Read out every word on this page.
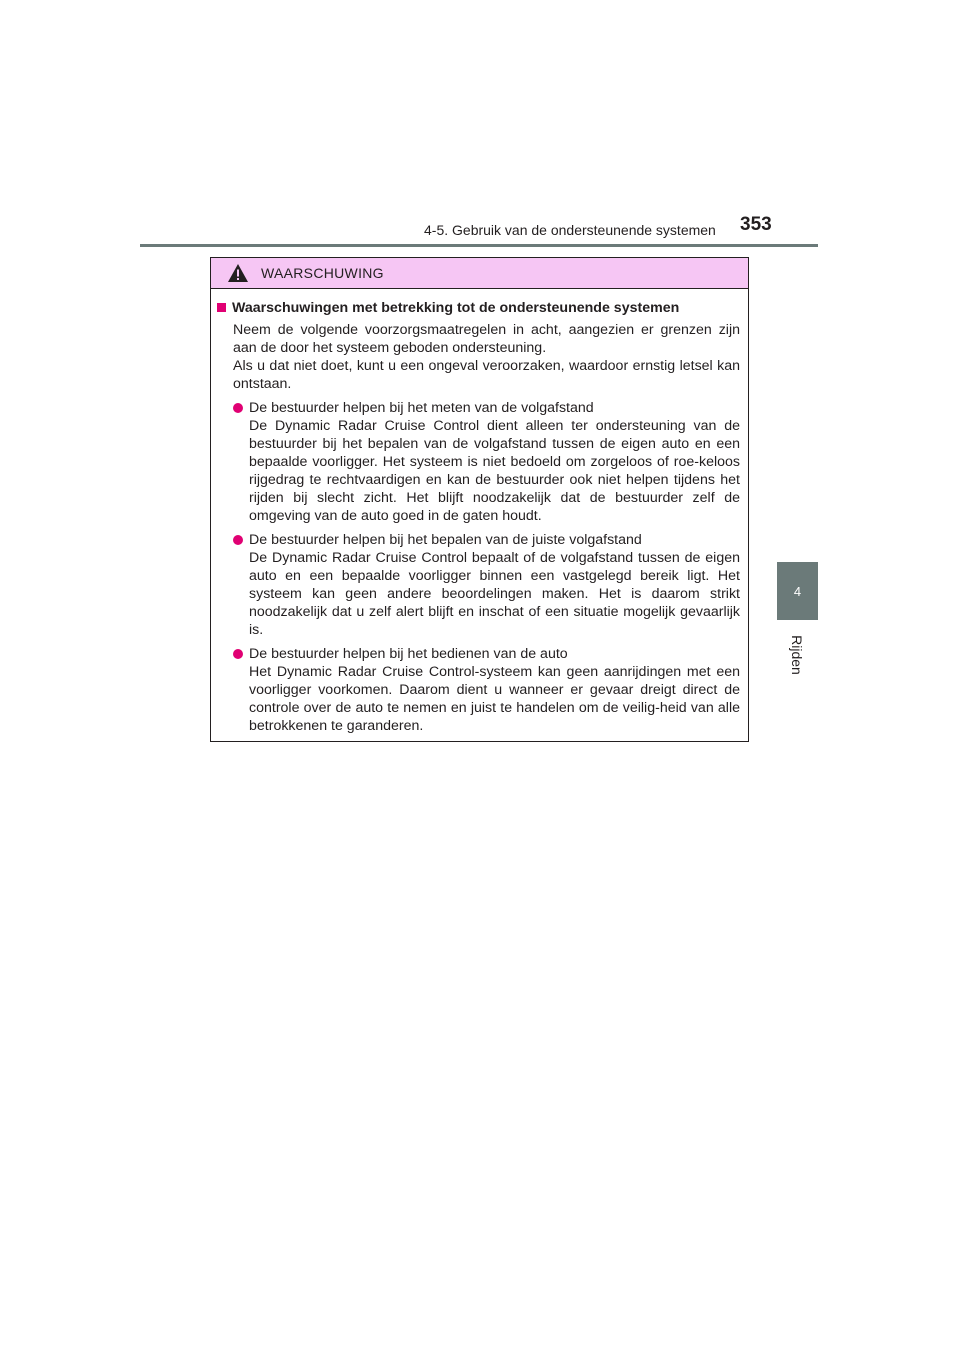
4-5. Gebruik van de ondersteunende systemen 353
4
Rijden
WAARSCHUWING
Waarschuwingen met betrekking tot de ondersteunende systemen

Neem de volgende voorzorgsmaatregelen in acht, aangezien er grenzen zijn aan de door het systeem geboden ondersteuning.

Als u dat niet doet, kunt u een ongeval veroorzaken, waardoor ernstig letsel kan ontstaan.

De bestuurder helpen bij het meten van de volgafstand

De Dynamic Radar Cruise Control dient alleen ter ondersteuning van de bestuurder bij het bepalen van de volgafstand tussen de eigen auto en een bepaalde voorligger. Het systeem is niet bedoeld om zorgeloos of roe-keloos rijgedrag te rechtvaardigen en kan de bestuurder ook niet helpen tijdens het rijden bij slecht zicht. Het blijft noodzakelijk dat de bestuurder zelf de omgeving van de auto goed in de gaten houdt.

De bestuurder helpen bij het bepalen van de juiste volgafstand

De Dynamic Radar Cruise Control bepaalt of de volgafstand tussen de eigen auto en een bepaalde voorligger binnen een vastgelegd bereik ligt. Het systeem kan geen andere beoordelingen maken. Het is daarom strikt noodzakelijk dat u zelf alert blijft en inschat of een situatie mogelijk gevaarlijk is.

De bestuurder helpen bij het bedienen van de auto

Het Dynamic Radar Cruise Control-systeem kan geen aanrijdingen met een voorligger voorkomen. Daarom dient u wanneer er gevaar dreigt direct de controle over de auto te nemen en juist te handelen om de veilig-heid van alle betrokkenen te garanderen.
